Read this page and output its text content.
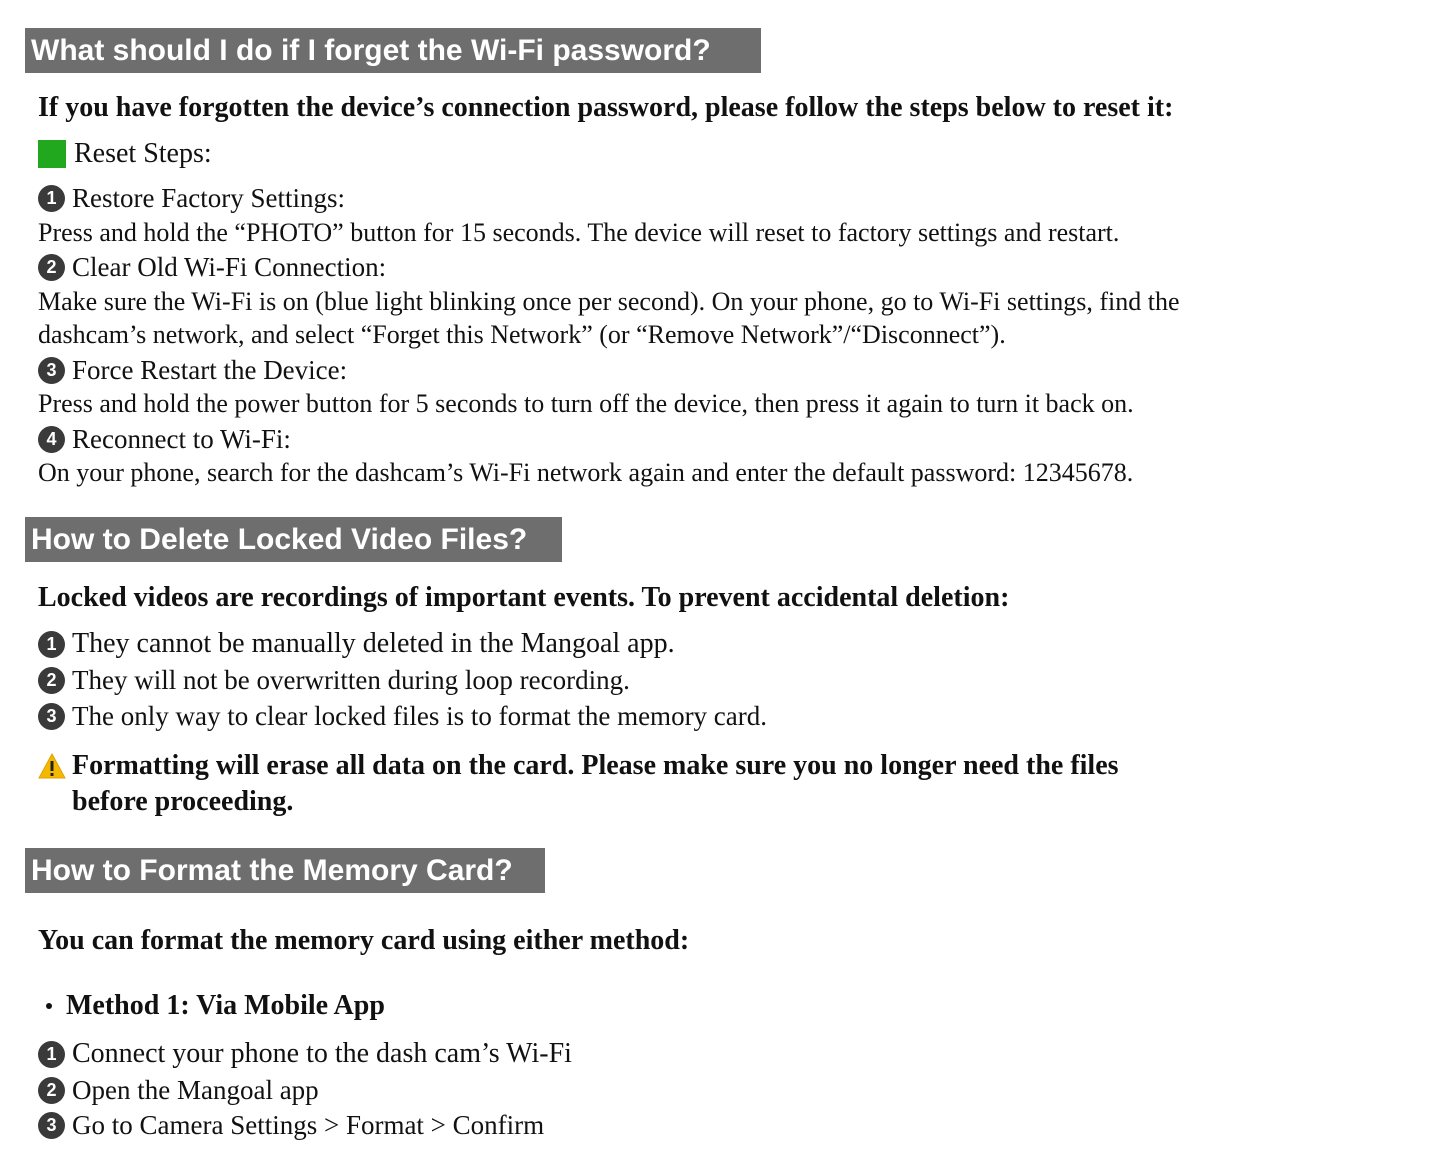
What should I do if I forget the Wi-Fi password?
If you have forgotten the device’s connection password, please follow the steps below to reset it:
Reset Steps:
1 Restore Factory Settings:
Press and hold the “PHOTO” button for 15 seconds. The device will reset to factory settings and restart.
2 Clear Old Wi-Fi Connection:
Make sure the Wi-Fi is on (blue light blinking once per second). On your phone, go to Wi-Fi settings, find the
dashcam’s network, and select “Forget this Network” (or “Remove Network”/“Disconnect”).
3 Force Restart the Device:
Press and hold the power button for 5 seconds to turn off the device, then press it again to turn it back on.
4 Reconnect to Wi-Fi:
On your phone, search for the dashcam’s Wi-Fi network again and enter the default password: 12345678.
How to Delete Locked Video Files?
Locked videos are recordings of important events. To prevent accidental deletion:
1 They cannot be manually deleted in the Mangoal app.
2 They will not be overwritten during loop recording.
3 The only way to clear locked files is to format the memory card.
Formatting will erase all data on the card. Please make sure you no longer need the files
before proceeding.
How to Format the Memory Card?
You can format the memory card using either method:
Method 1: Via Mobile App
1 Connect your phone to the dash cam’s Wi-Fi
2 Open the Mangoal app
3 Go to Camera Settings > Format > Confirm
